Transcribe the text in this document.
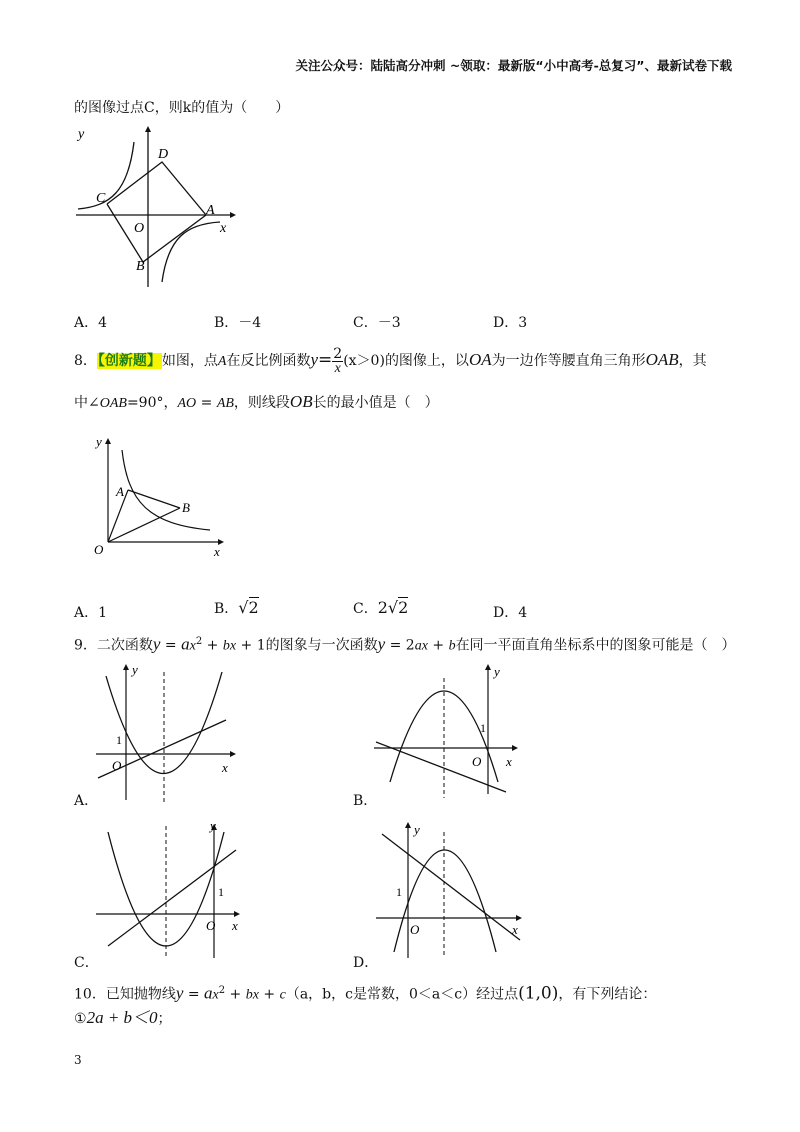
关注公众号：陆陆高分冲刺 ~领取：最新版“小中高考-总复习”、最新试卷下载
的图像过点C，则k的值为（　　）
y
x
O
A
B
C
D
A．4	B．－4	C．－3	D．3
8．【创新题】如图，点A在反比例函数$y= \frac{2}{x} (x>0)$的图像上，以OA为一边作等腰直角三角形OAB，其
中∠OAB=90°，AO = AB，则线段OB长的最小值是（　）
y
x
O
A
B
A．1	B．√2	C．2√2	D．4
9．二次函数$y = ax^2$ + bx + 1的图象与一次函数y = 2ax + b在同一平面直角坐标系中的图象可能是（　）
y
x
O
1
A．
y
x
O
1
B．
y
x
O
1
C．
y
x
O
1
D．
10．已知抛物线$y = ax^2$ + bx + c（a，b，c是常数，0＜a＜c）经过点(1,0)，有下列结论：
①2a + b＜0；
3
